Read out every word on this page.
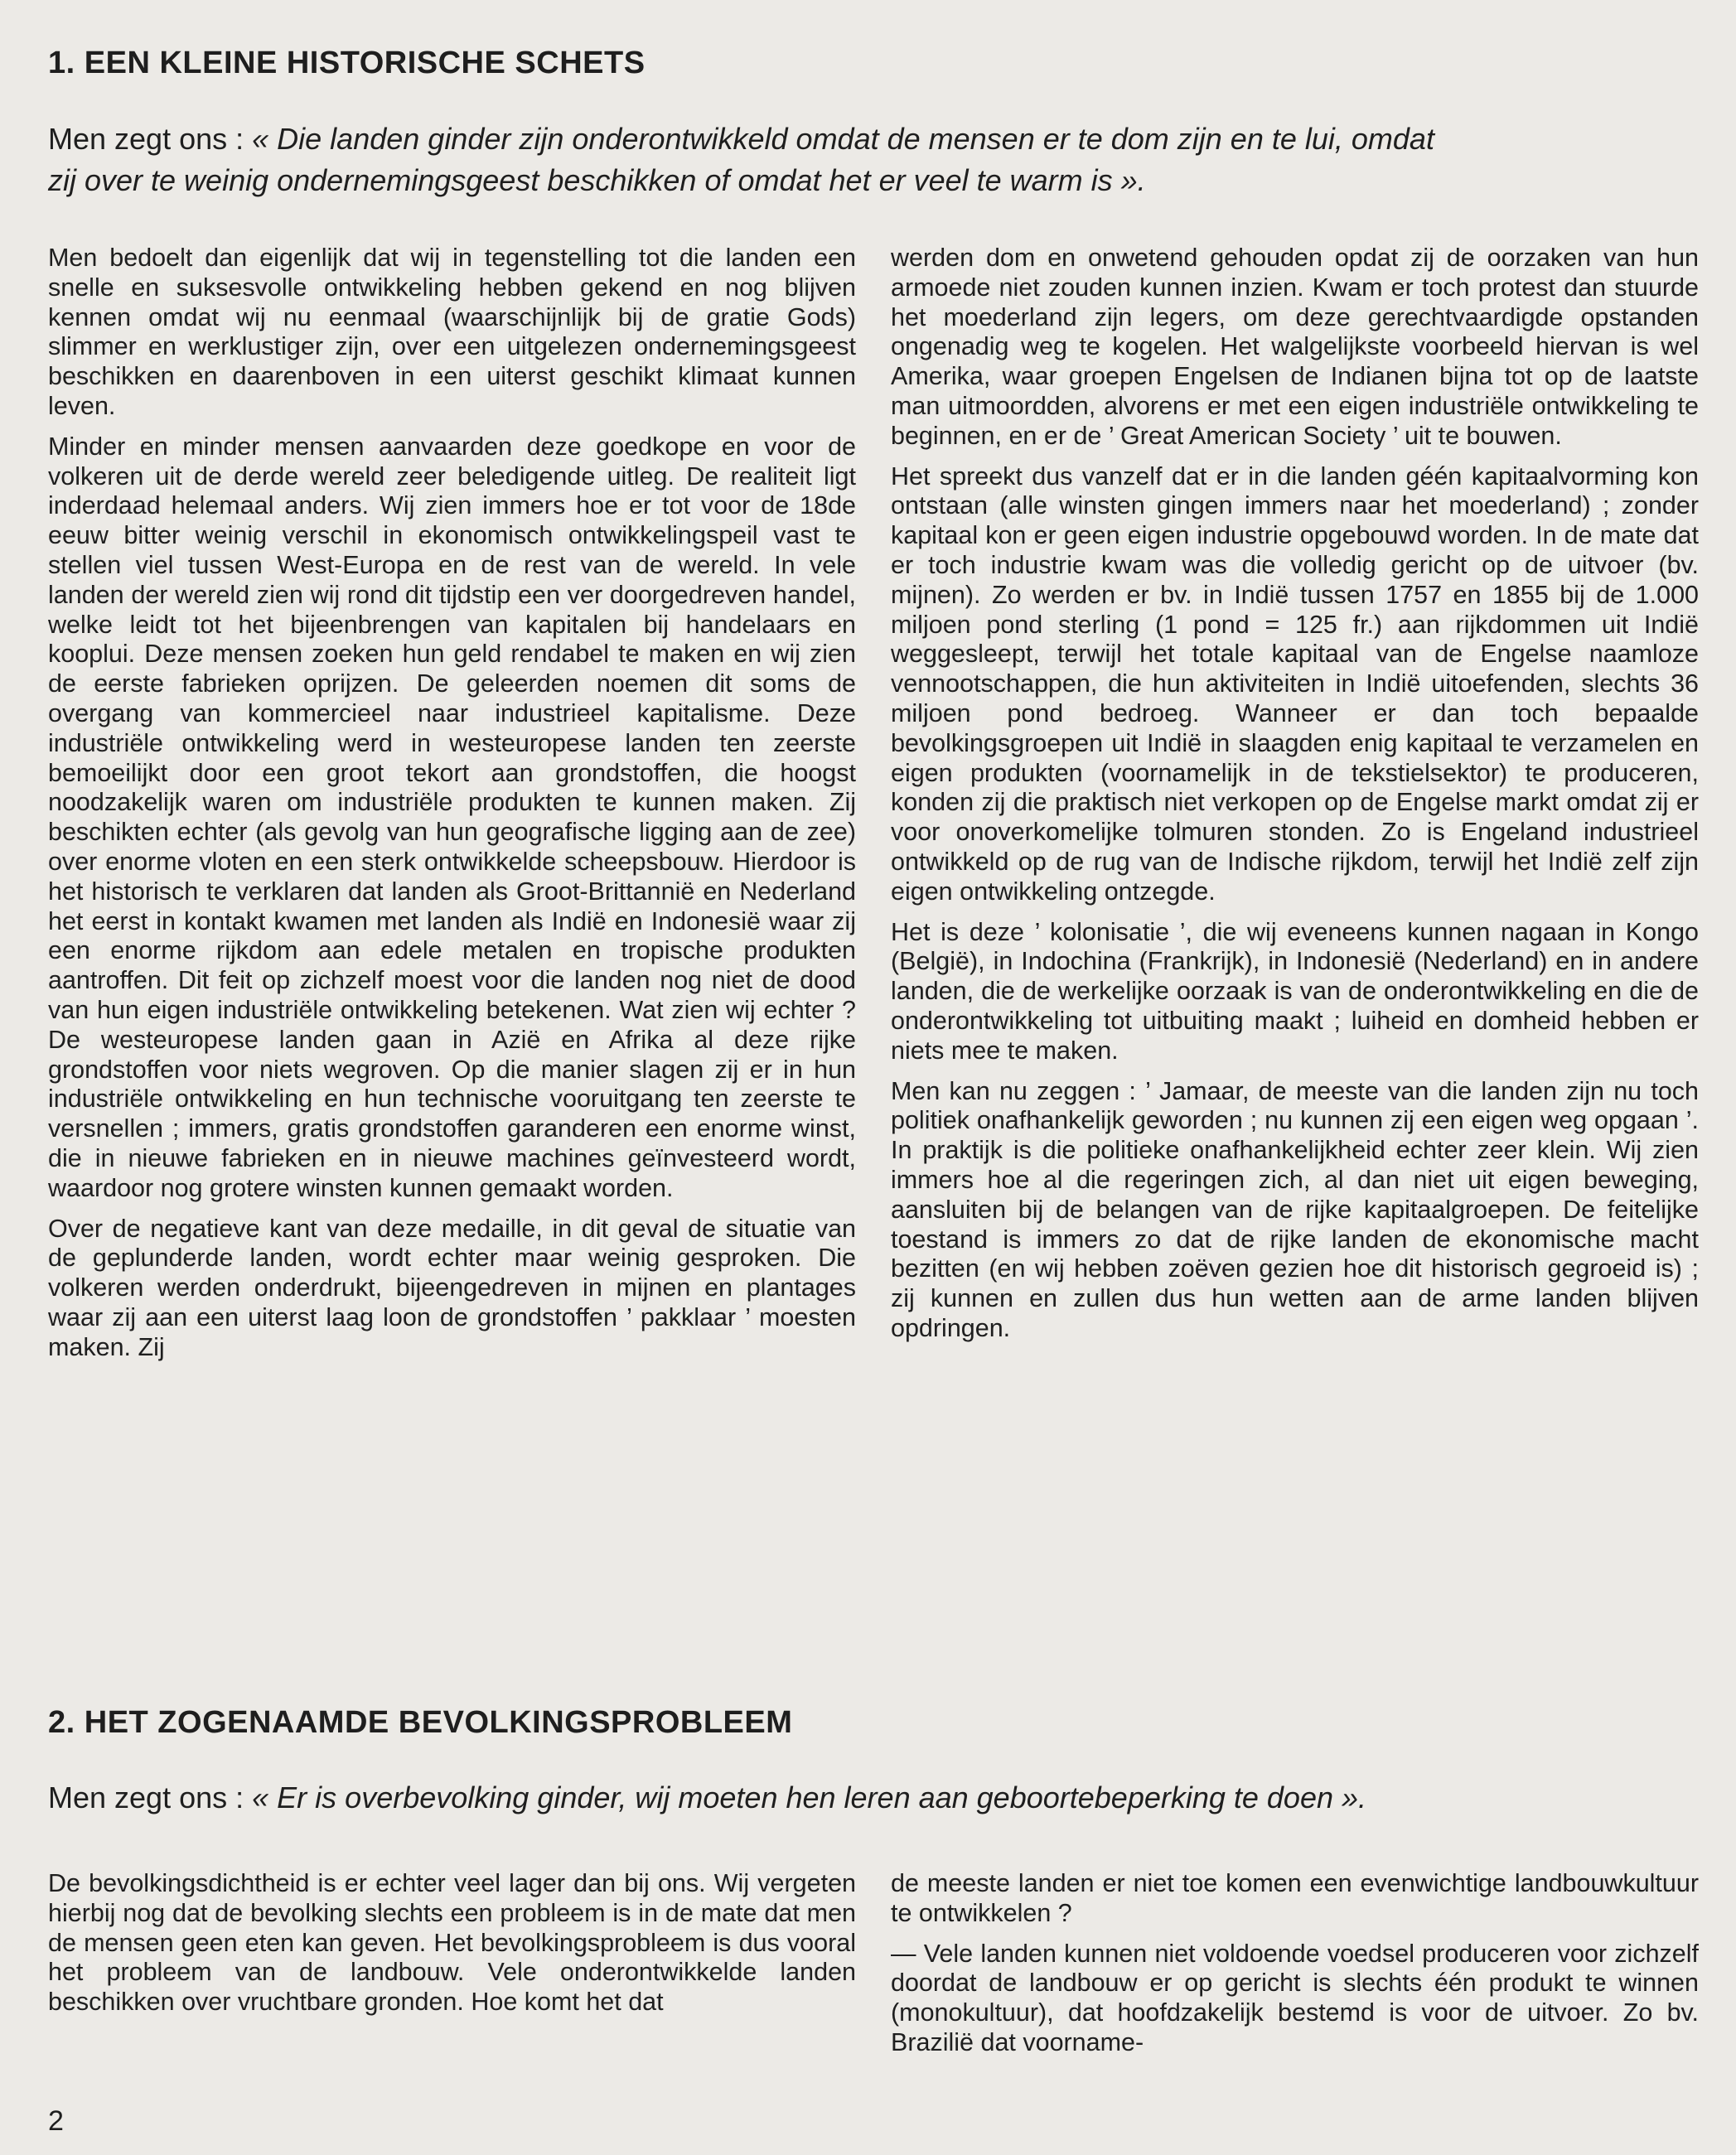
1. EEN KLEINE HISTORISCHE SCHETS
Men zegt ons : « Die landen ginder zijn onderontwikkeld omdat de mensen er te dom zijn en te lui, omdat
zij over te weinig ondernemingsgeest beschikken of omdat het er veel te warm is ».

Men bedoelt dan eigenlijk dat wij in tegenstelling tot die landen een snelle en suksesvolle ontwikkeling hebben gekend en nog blijven kennen omdat wij nu eenmaal (waarschijnlijk bij de gratie Gods) slimmer en werklustiger zijn, over een uitgelezen ondernemingsgeest beschikken en daarenboven in een uiterst geschikt klimaat kunnen leven.

Minder en minder mensen aanvaarden deze goedkope en voor de volkeren uit de derde wereld zeer beledigende uitleg. De realiteit ligt inderdaad helemaal anders. Wij zien immers hoe er tot voor de 18de eeuw bitter weinig verschil in ekonomisch ontwikkelingspeil vast te stellen viel tussen West-Europa en de rest van de wereld. In vele landen der wereld zien wij rond dit tijdstip een ver doorgedreven handel, welke leidt tot het bijeenbrengen van kapitalen bij handelaars en kooplui. Deze mensen zoeken hun geld rendabel te maken en wij zien de eerste fabrieken oprijzen. De geleerden noemen dit soms de overgang van kommercieel naar industrieel kapitalisme. Deze industriële ontwikkeling werd in westeuropese landen ten zeerste bemoeilijkt door een groot tekort aan grondstoffen, die hoogst noodzakelijk waren om industriële produkten te kunnen maken. Zij beschikten echter (als gevolg van hun geografische ligging aan de zee) over enorme vloten en een sterk ontwikkelde scheepsbouw. Hierdoor is het historisch te verklaren dat landen als Groot-Brittannië en Nederland het eerst in kontakt kwamen met landen als Indië en Indonesië waar zij een enorme rijkdom aan edele metalen en tropische produkten aantroffen. Dit feit op zichzelf moest voor die landen nog niet de dood van hun eigen industriële ontwikkeling betekenen. Wat zien wij echter ? De westeuropese landen gaan in Azië en Afrika al deze rijke grondstoffen voor niets wegroven. Op die manier slagen zij er in hun industriële ontwikkeling en hun technische vooruitgang ten zeerste te versnellen ; immers, gratis grondstoffen garanderen een enorme winst, die in nieuwe fabrieken en in nieuwe machines geïnvesteerd wordt, waardoor nog grotere winsten kunnen gemaakt worden.

Over de negatieve kant van deze medaille, in dit geval de situatie van de geplunderde landen, wordt echter maar weinig gesproken. Die volkeren werden onderdrukt, bijeengedreven in mijnen en plantages waar zij aan een uiterst laag loon de grondstoffen ’ pakklaar ’ moesten maken. Zij

werden dom en onwetend gehouden opdat zij de oorzaken van hun armoede niet zouden kunnen inzien. Kwam er toch protest dan stuurde het moederland zijn legers, om deze gerechtvaardigde opstanden ongenadig weg te kogelen. Het walgelijkste voorbeeld hiervan is wel Amerika, waar groepen Engelsen de Indianen bijna tot op de laatste man uitmoordden, alvorens er met een eigen industriële ontwikkeling te beginnen, en er de ’ Great American Society ’ uit te bouwen.

Het spreekt dus vanzelf dat er in die landen géén kapitaalvorming kon ontstaan (alle winsten gingen immers naar het moederland) ; zonder kapitaal kon er geen eigen industrie opgebouwd worden. In de mate dat er toch industrie kwam was die volledig gericht op de uitvoer (bv. mijnen). Zo werden er bv. in Indië tussen 1757 en 1855 bij de 1.000 miljoen pond sterling (1 pond = 125 fr.) aan rijkdommen uit Indië weggesleept, terwijl het totale kapitaal van de Engelse naamloze vennootschappen, die hun aktiviteiten in Indië uitoefenden, slechts 36 miljoen pond bedroeg. Wanneer er dan toch bepaalde bevolkingsgroepen uit Indië in slaagden enig kapitaal te verzamelen en eigen produkten (voornamelijk in de tekstielsektor) te produceren, konden zij die praktisch niet verkopen op de Engelse markt omdat zij er voor onoverkomelijke tolmuren stonden. Zo is Engeland industrieel ontwikkeld op de rug van de Indische rijkdom, terwijl het Indië zelf zijn eigen ontwikkeling ontzegde.

Het is deze ’ kolonisatie ’, die wij eveneens kunnen nagaan in Kongo (België), in Indochina (Frankrijk), in Indonesië (Nederland) en in andere landen, die de werkelijke oorzaak is van de onderontwikkeling en die de onderontwikkeling tot uitbuiting maakt ; luiheid en domheid hebben er niets mee te maken.

Men kan nu zeggen : ’ Jamaar, de meeste van die landen zijn nu toch politiek onafhankelijk geworden ; nu kunnen zij een eigen weg opgaan ’. In praktijk is die politieke onafhankelijkheid echter zeer klein. Wij zien immers hoe al die regeringen zich, al dan niet uit eigen beweging, aansluiten bij de belangen van de rijke kapitaalgroepen. De feitelijke toestand is immers zo dat de rijke landen de ekonomische macht bezitten (en wij hebben zoëven gezien hoe dit historisch gegroeid is) ; zij kunnen en zullen dus hun wetten aan de arme landen blijven opdringen.

2. HET ZOGENAAMDE BEVOLKINGSPROBLEEM
Men zegt ons : « Er is overbevolking ginder, wij moeten hen leren aan geboortebeperking te doen ».

De bevolkingsdichtheid is er echter veel lager dan bij ons. Wij vergeten hierbij nog dat de bevolking slechts een probleem is in de mate dat men de mensen geen eten kan geven. Het bevolkingsprobleem is dus vooral het probleem van de landbouw. Vele onderontwikkelde landen beschikken over vruchtbare gronden. Hoe komt het dat

de meeste landen er niet toe komen een evenwichtige landbouwkultuur te ontwikkelen ?

— Vele landen kunnen niet voldoende voedsel produceren voor zichzelf doordat de landbouw er op gericht is slechts één produkt te winnen (monokultuur), dat hoofdzakelijk bestemd is voor de uitvoer. Zo bv. Brazilië dat voorname-

2
